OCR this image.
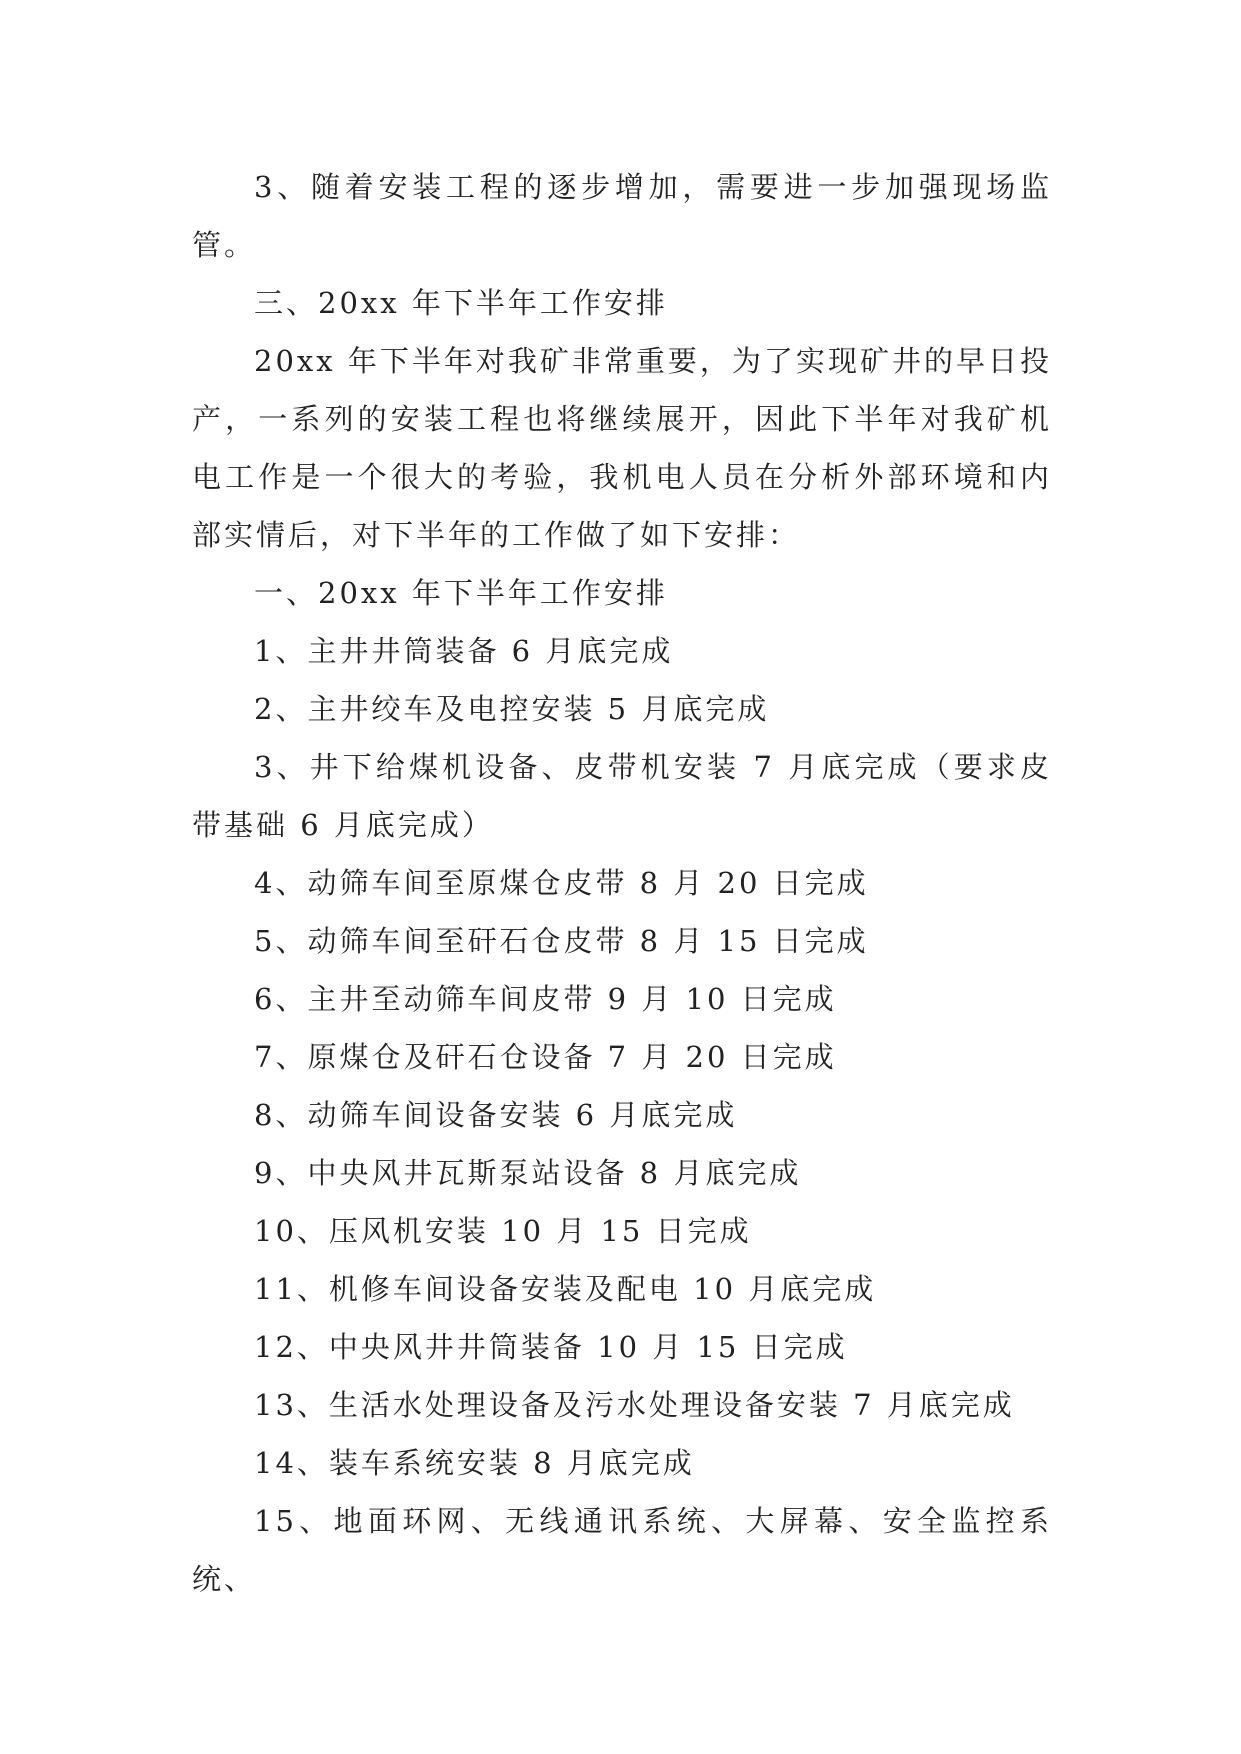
3、随着安装工程的逐步增加，需要进一步加强现场监管。

三、20xx 年下半年工作安排

20xx 年下半年对我矿非常重要，为了实现矿井的早日投产，一系列的安装工程也将继续展开，因此下半年对我矿机电工作是一个很大的考验，我机电人员在分析外部环境和内部实情后，对下半年的工作做了如下安排：

一、20xx 年下半年工作安排

1、主井井筒装备 6 月底完成

2、主井绞车及电控安装 5 月底完成

3、井下给煤机设备、皮带机安装 7 月底完成（要求皮带基础 6 月底完成）

4、动筛车间至原煤仓皮带 8 月 20 日完成

5、动筛车间至矸石仓皮带 8 月 15 日完成

6、主井至动筛车间皮带 9 月 10 日完成

7、原煤仓及矸石仓设备 7 月 20 日完成

8、动筛车间设备安装 6 月底完成

9、中央风井瓦斯泵站设备 8 月底完成

10、压风机安装 10 月 15 日完成

11、机修车间设备安装及配电 10 月底完成

12、中央风井井筒装备 10 月 15 日完成

13、生活水处理设备及污水处理设备安装 7 月底完成

14、装车系统安装 8 月底完成

15、地面环网、无线通讯系统、大屏幕、安全监控系统、
